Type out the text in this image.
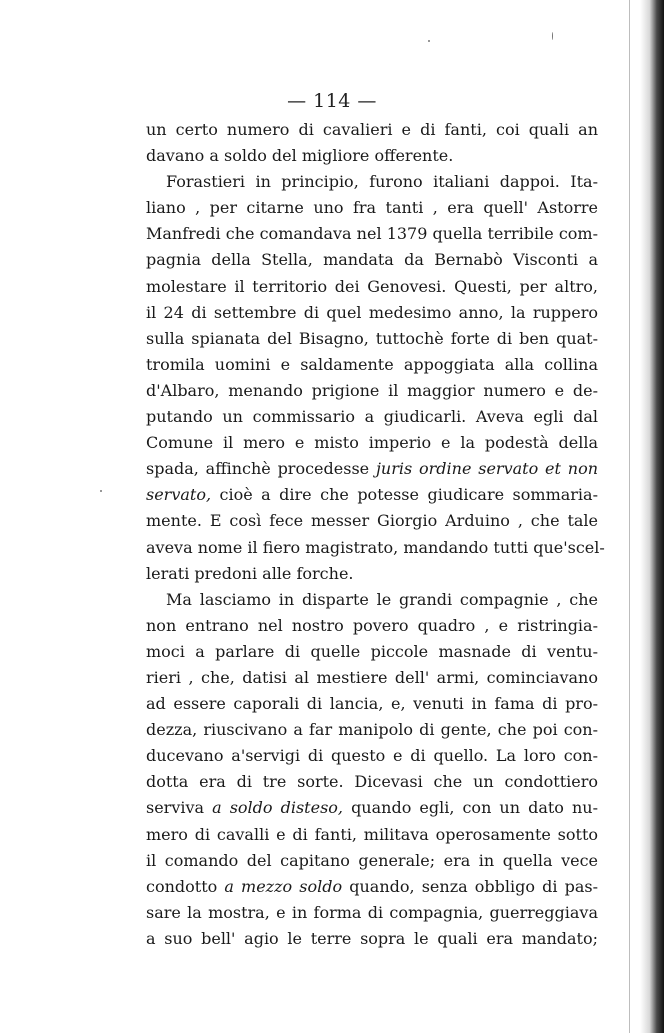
— 114 —
un certo numero di cavalieri e di fanti, coi quali an
davano a soldo del migliore offerente.
Forastieri in principio, furono italiani dappoi. Ita-
liano , per citarne uno fra tanti , era quell' Astorre
Manfredi che comandava nel 1379 quella terribile com-
pagnia della Stella, mandata da Bernabò Visconti a
molestare il territorio dei Genovesi. Questi, per altro,
il 24 di settembre di quel medesimo anno, la ruppero
sulla spianata del Bisagno, tuttochè forte di ben quat-
tromila uomini e saldamente appoggiata alla collina
d'Albaro, menando prigione il maggior numero e de-
putando un commissario a giudicarli. Aveva egli dal
Comune il mero e misto imperio e la podestà della
spada, affinchè procedesse juris ordine servato et non
servato, cioè a dire che potesse giudicare sommaria-
mente. E così fece messer Giorgio Arduino , che tale
aveva nome il fiero magistrato, mandando tutti que'scel-
lerati predoni alle forche.
Ma lasciamo in disparte le grandi compagnie , che
non entrano nel nostro povero quadro , e ristringia-
moci a parlare di quelle piccole masnade di ventu-
rieri , che, datisi al mestiere dell' armi, cominciavano
ad essere caporali di lancia, e, venuti in fama di pro-
dezza, riuscivano a far manipolo di gente, che poi con-
ducevano a'servigi di questo e di quello. La loro con-
dotta era di tre sorte. Dicevasi che un condottiero
serviva a soldo disteso, quando egli, con un dato nu-
mero di cavalli e di fanti, militava operosamente sotto
il comando del capitano generale; era in quella vece
condotto a mezzo soldo quando, senza obbligo di pas-
sare la mostra, e in forma di compagnia, guerreggiava
a suo bell' agio le terre sopra le quali era mandato;
